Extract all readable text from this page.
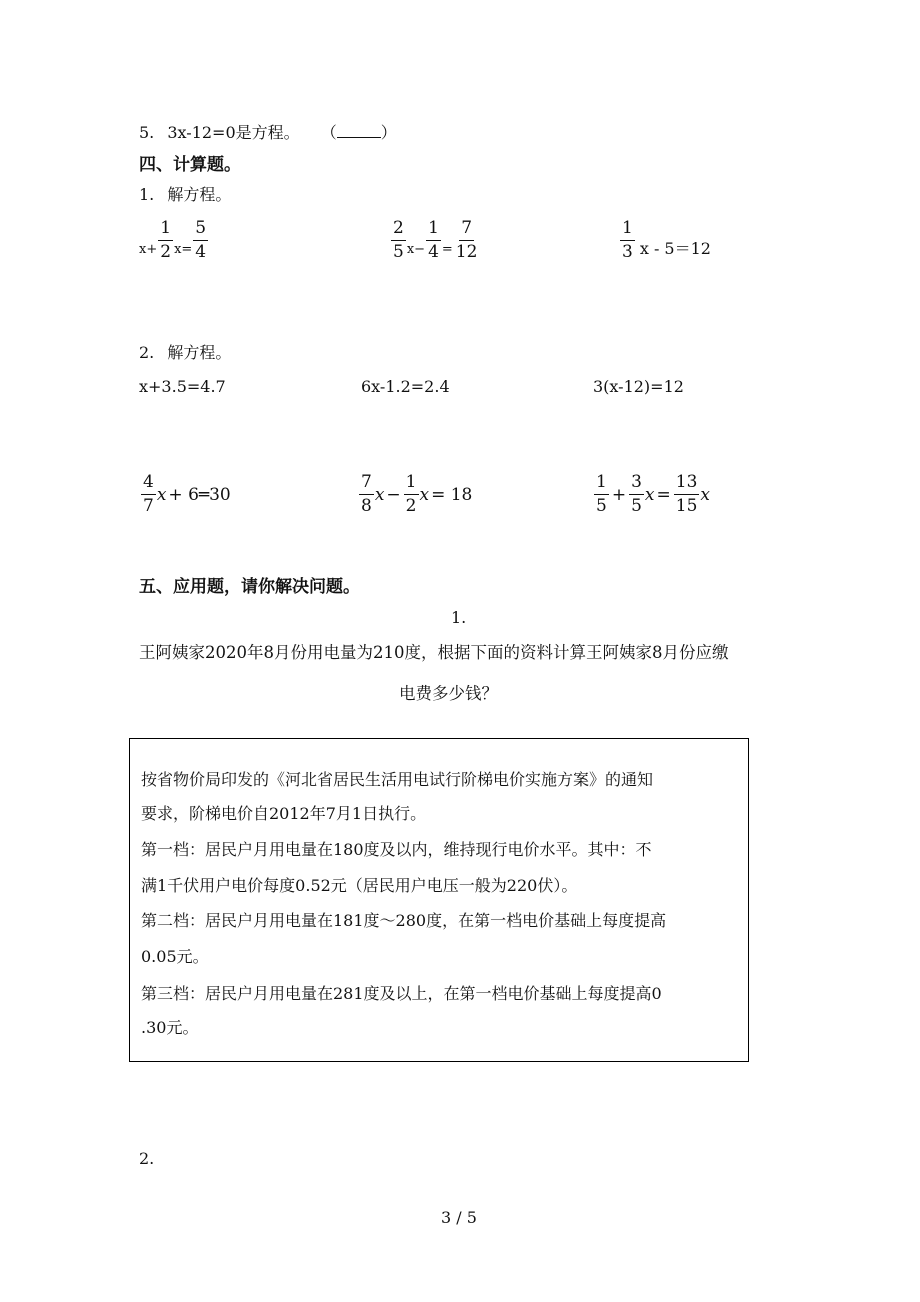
5. 3x-12=0是方程。 （	）
四、计算题。
1. 解方程。
$x+ \frac{1}{2} x= \frac{5}{4}$	$\frac{2}{5} x- \frac{1}{4} = \frac{7}{12}$	$\frac{1}{3}$ x - 5＝12
2. 解方程。
x+3.5=4.7	6x-1.2=2.4	3(x-12)=12
$\frac{4}{7}$ x + 6═30	$\frac{7}{8}$ $x - \frac{1}{2}$ x = 18	$\frac{1}{5} + \frac{3}{5}$ $x = \frac{13}{15}$ x
五、应用题，请你解决问题。
1.
王阿姨家2020年8月份用电量为210度，根据下面的资料计算王阿姨家8月份应缴
电费多少钱？
按省物价局印发的《河北省居民生活用电试行阶梯电价实施方案》的通知
要求，阶梯电价自2012年7月1日执行。
第一档：居民户月用电量在180度及以内，维持现行电价水平。其中：不
满1千伏用户电价每度0.52元（居民用户电压一般为220伏）。
第二档：居民户月用电量在181度～280度，在第一档电价基础上每度提高
0.05元。
第三档：居民户月用电量在281度及以上，在第一档电价基础上每度提高0
.30元。
2.
3 / 5
